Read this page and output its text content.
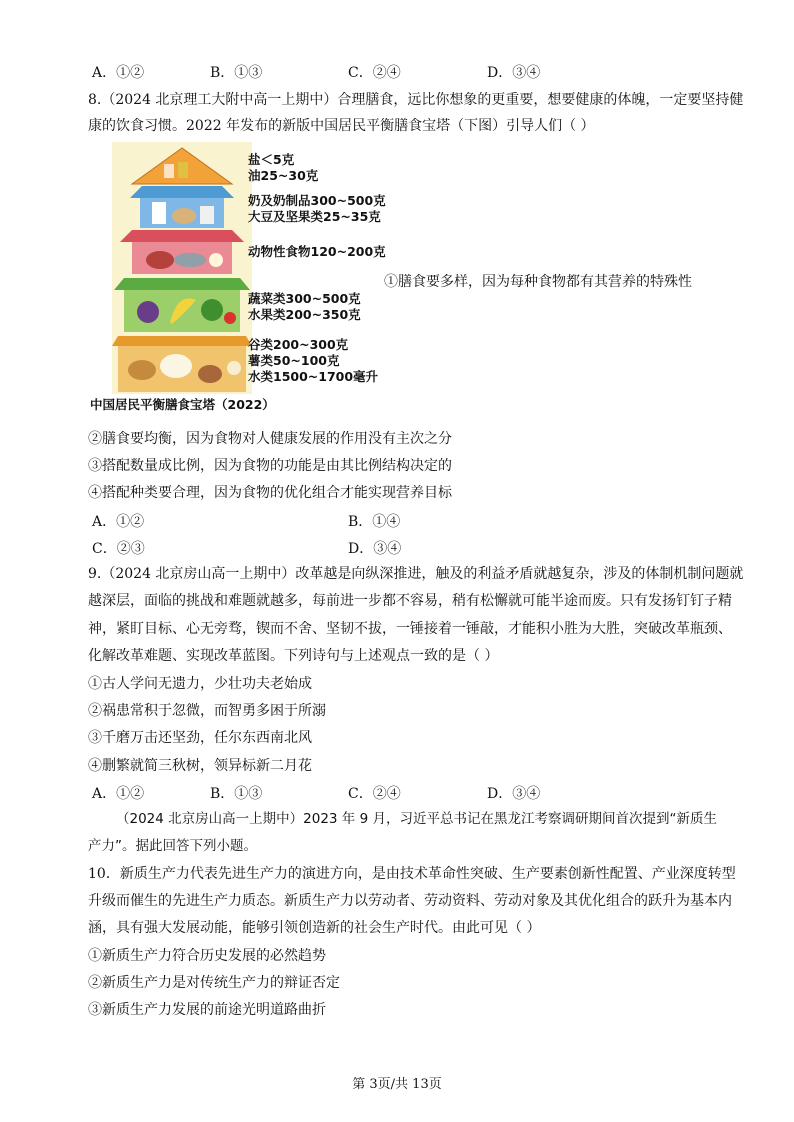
A．①②	B．①③	C．②④	D．③④
8.（2024 北京理工大附中高一上期中）合理膳食，远比你想象的更重要，想要健康的体魄，一定要坚持健
康的饮食习惯。2022 年发布的新版中国居民平衡膳食宝塔（下图）引导人们（ ）
盐＜5克
油25~30克
奶及奶制品300~500克
大豆及坚果类25~35克
动物性食物120~200克
蔬菜类300~500克
水果类200~350克
谷类200~300克
薯类50~100克
水类1500~1700毫升
中国居民平衡膳食宝塔（2022）
①膳食要多样，因为每种食物都有其营养的特殊性
②膳食要均衡，因为食物对人健康发展的作用没有主次之分
③搭配数量成比例，因为食物的功能是由其比例结构决定的
④搭配种类要合理，因为食物的优化组合才能实现营养目标
A．①②	B．①④
C．②③	D．③④
9.（2024 北京房山高一上期中）改革越是向纵深推进，触及的利益矛盾就越复杂，涉及的体制机制问题就
越深层，面临的挑战和难题就越多，每前进一步都不容易，稍有松懈就可能半途而废。只有发扬钉钉子精
神，紧盯目标、心无旁骛，锲而不舍、坚韧不拔，一锤接着一锤敲，才能积小胜为大胜，突破改革瓶颈、
化解改革难题、实现改革蓝图。下列诗句与上述观点一致的是（ ）
①古人学问无遗力，少壮功夫老始成
②祸患常积于忽微，而智勇多困于所溺
③千磨万击还坚劲，任尔东西南北风
④删繁就简三秋树，领异标新二月花
A．①②	B．①③	C．②④	D．③④
（2024 北京房山高一上期中）2023 年 9 月，习近平总书记在黑龙江考察调研期间首次提到“新质生
产力”。据此回答下列小题。
10．新质生产力代表先进生产力的演进方向，是由技术革命性突破、生产要素创新性配置、产业深度转型
升级而催生的先进生产力质态。新质生产力以劳动者、劳动资料、劳动对象及其优化组合的跃升为基本内
涵，具有强大发展动能，能够引领创造新的社会生产时代。由此可见（ ）
①新质生产力符合历史发展的必然趋势
②新质生产力是对传统生产力的辩证否定
③新质生产力发展的前途光明道路曲折
第 3页/共 13页
